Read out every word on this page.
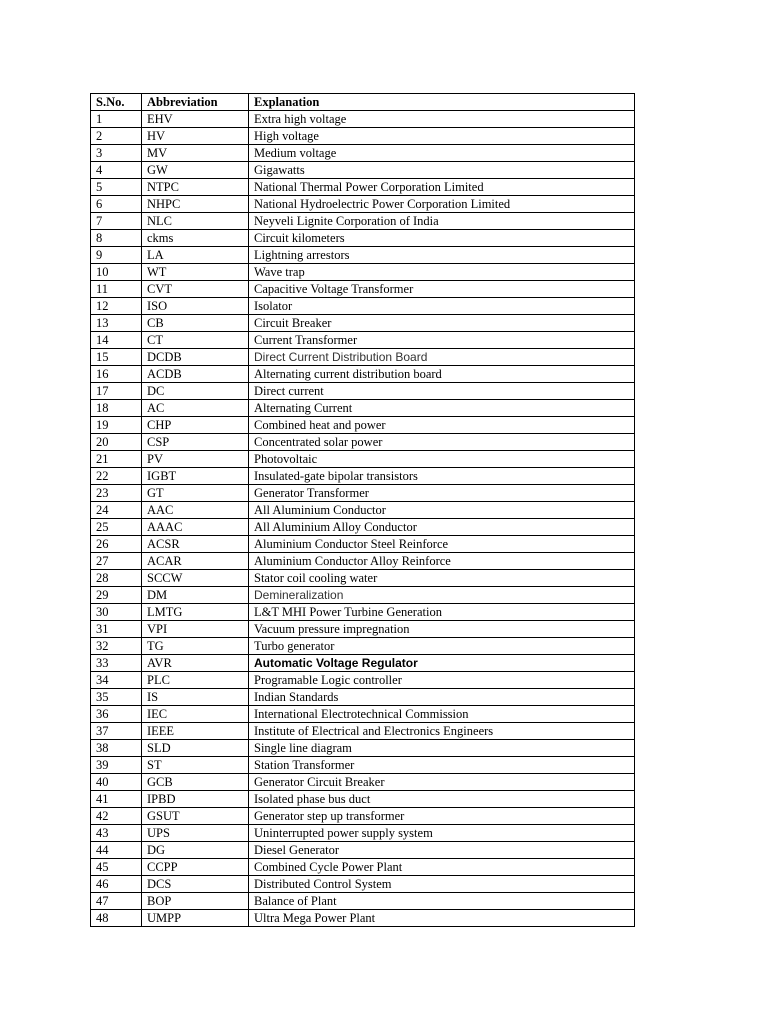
S.No.	Abbreviation	Explanation
1	EHV	Extra high voltage
2	HV	High voltage
3	MV	Medium voltage
4	GW	Gigawatts
5	NTPC	National Thermal Power Corporation Limited
6	NHPC	National Hydroelectric Power Corporation Limited
7	NLC	Neyveli Lignite Corporation of India
8	ckms	Circuit kilometers
9	LA	Lightning arrestors
10	WT	Wave trap
11	CVT	Capacitive Voltage Transformer
12	ISO	Isolator
13	CB	Circuit Breaker
14	CT	Current Transformer
15	DCDB	Direct Current Distribution Board
16	ACDB	Alternating current distribution board
17	DC	Direct current
18	AC	Alternating Current
19	CHP	Combined heat and power
20	CSP	Concentrated solar power
21	PV	Photovoltaic
22	IGBT	Insulated-gate bipolar transistors
23	GT	Generator Transformer
24	AAC	All Aluminium Conductor
25	AAAC	All Aluminium Alloy Conductor
26	ACSR	Aluminium Conductor Steel Reinforce
27	ACAR	Aluminium Conductor Alloy Reinforce
28	SCCW	Stator coil cooling water
29	DM	Demineralization
30	LMTG	L&T MHI Power Turbine Generation
31	VPI	Vacuum pressure impregnation
32	TG	Turbo generator
33	AVR	Automatic Voltage Regulator
34	PLC	Programable Logic controller
35	IS	Indian Standards
36	IEC	International Electrotechnical Commission
37	IEEE	Institute of Electrical and Electronics Engineers
38	SLD	Single line diagram
39	ST	Station Transformer
40	GCB	Generator Circuit Breaker
41	IPBD	Isolated phase bus duct
42	GSUT	Generator step up transformer
43	UPS	Uninterrupted power supply system
44	DG	Diesel Generator
45	CCPP	Combined Cycle Power Plant
46	DCS	Distributed Control System
47	BOP	Balance of Plant
48	UMPP	Ultra Mega Power Plant
